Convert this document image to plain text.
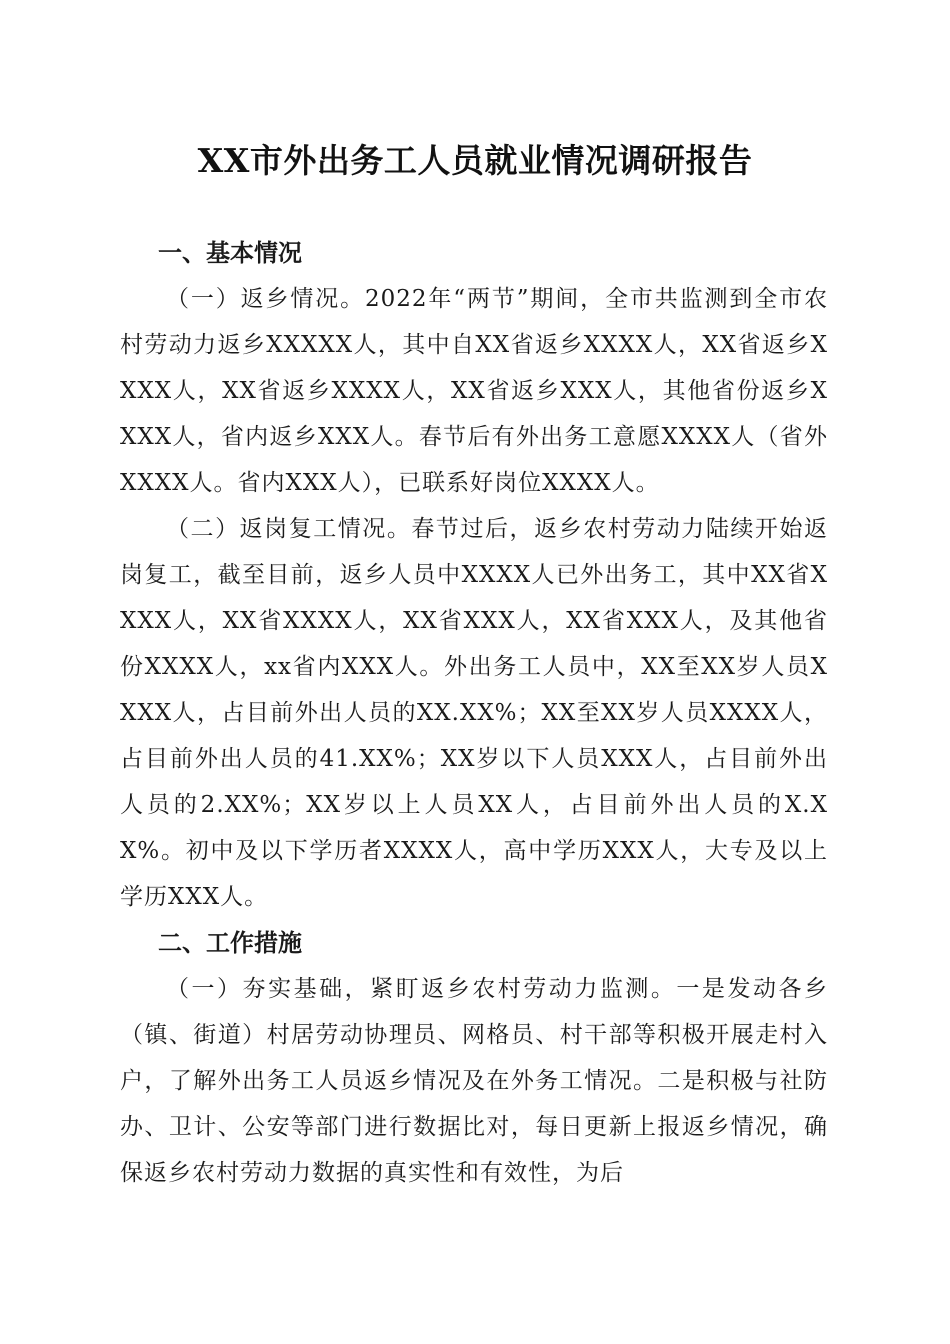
XX市外出务工人员就业情况调研报告
一、基本情况

（一）返乡情况。2022年“两节”期间，全市共监测到全市农村劳动力返乡XXXXX人，其中自XX省返乡XXXX人，XX省返乡XXXX人，XX省返乡XXXX人，XX省返乡XXX人，其他省份返乡XXXX人，省内返乡XXX人。春节后有外出务工意愿XXXX人（省外XXXX人。省内XXX人），已联系好岗位XXXX人。

（二）返岗复工情况。春节过后，返乡农村劳动力陆续开始返岗复工，截至目前，返乡人员中XXXX人已外出务工，其中XX省XXXX人，XX省XXXX人，XX省XXX人，XX省XXX人，及其他省份XXXX人，xx省内XXX人。外出务工人员中，XX至XX岁人员XXXX人，占目前外出人员的XX.XX%；XX至XX岁人员XXXX人，占目前外出人员的41.XX%；XX岁以下人员XXX人，占目前外出人员的2.XX%；XX岁以上人员XX人，占目前外出人员的X.XX%。初中及以下学历者XXXX人，高中学历XXX人，大专及以上学历XXX人。

二、工作措施

（一）夯实基础，紧盯返乡农村劳动力监测。一是发动各乡（镇、街道）村居劳动协理员、网格员、村干部等积极开展走村入户，了解外出务工人员返乡情况及在外务工情况。二是积极与社防办、卫计、公安等部门进行数据比对，每日更新上报返乡情况，确保返乡农村劳动力数据的真实性和有效性，为后
